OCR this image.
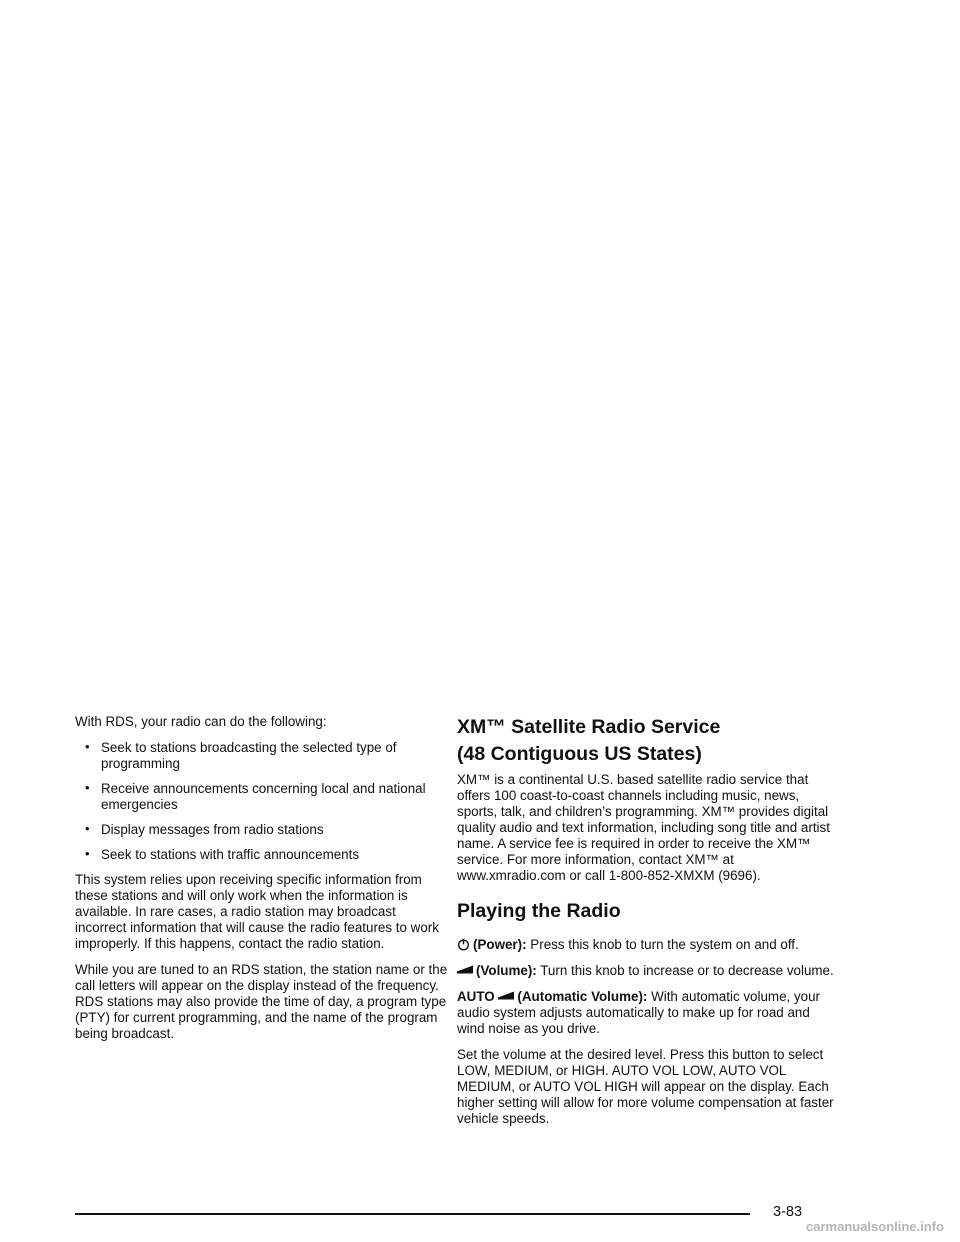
With RDS, your radio can do the following:

• Seek to stations broadcasting the selected type of programming
• Receive announcements concerning local and national emergencies
• Display messages from radio stations
• Seek to stations with traffic announcements

This system relies upon receiving specific information from these stations and will only work when the information is available. In rare cases, a radio station may broadcast incorrect information that will cause the radio features to work improperly. If this happens, contact the radio station.

While you are tuned to an RDS station, the station name or the call letters will appear on the display instead of the frequency. RDS stations may also provide the time of day, a program type (PTY) for current programming, and the name of the program being broadcast.

XM™ Satellite Radio Service
(48 Contiguous US States)

XM™ is a continental U.S. based satellite radio service that offers 100 coast-to-coast channels including music, news, sports, talk, and children’s programming. XM™ provides digital quality audio and text information, including song title and artist name. A service fee is required in order to receive the XM™ service. For more information, contact XM™ at www.xmradio.com or call 1-800-852-XMXM (9696).

Playing the Radio

(Power): Press this knob to turn the system on and off.

(Volume): Turn this knob to increase or to decrease volume.

AUTO (Automatic Volume): With automatic volume, your audio system adjusts automatically to make up for road and wind noise as you drive.

Set the volume at the desired level. Press this button to select LOW, MEDIUM, or HIGH. AUTO VOL LOW, AUTO VOL MEDIUM, or AUTO VOL HIGH will appear on the display. Each higher setting will allow for more volume compensation at faster vehicle speeds.

3-83
carmanualsonline.info
